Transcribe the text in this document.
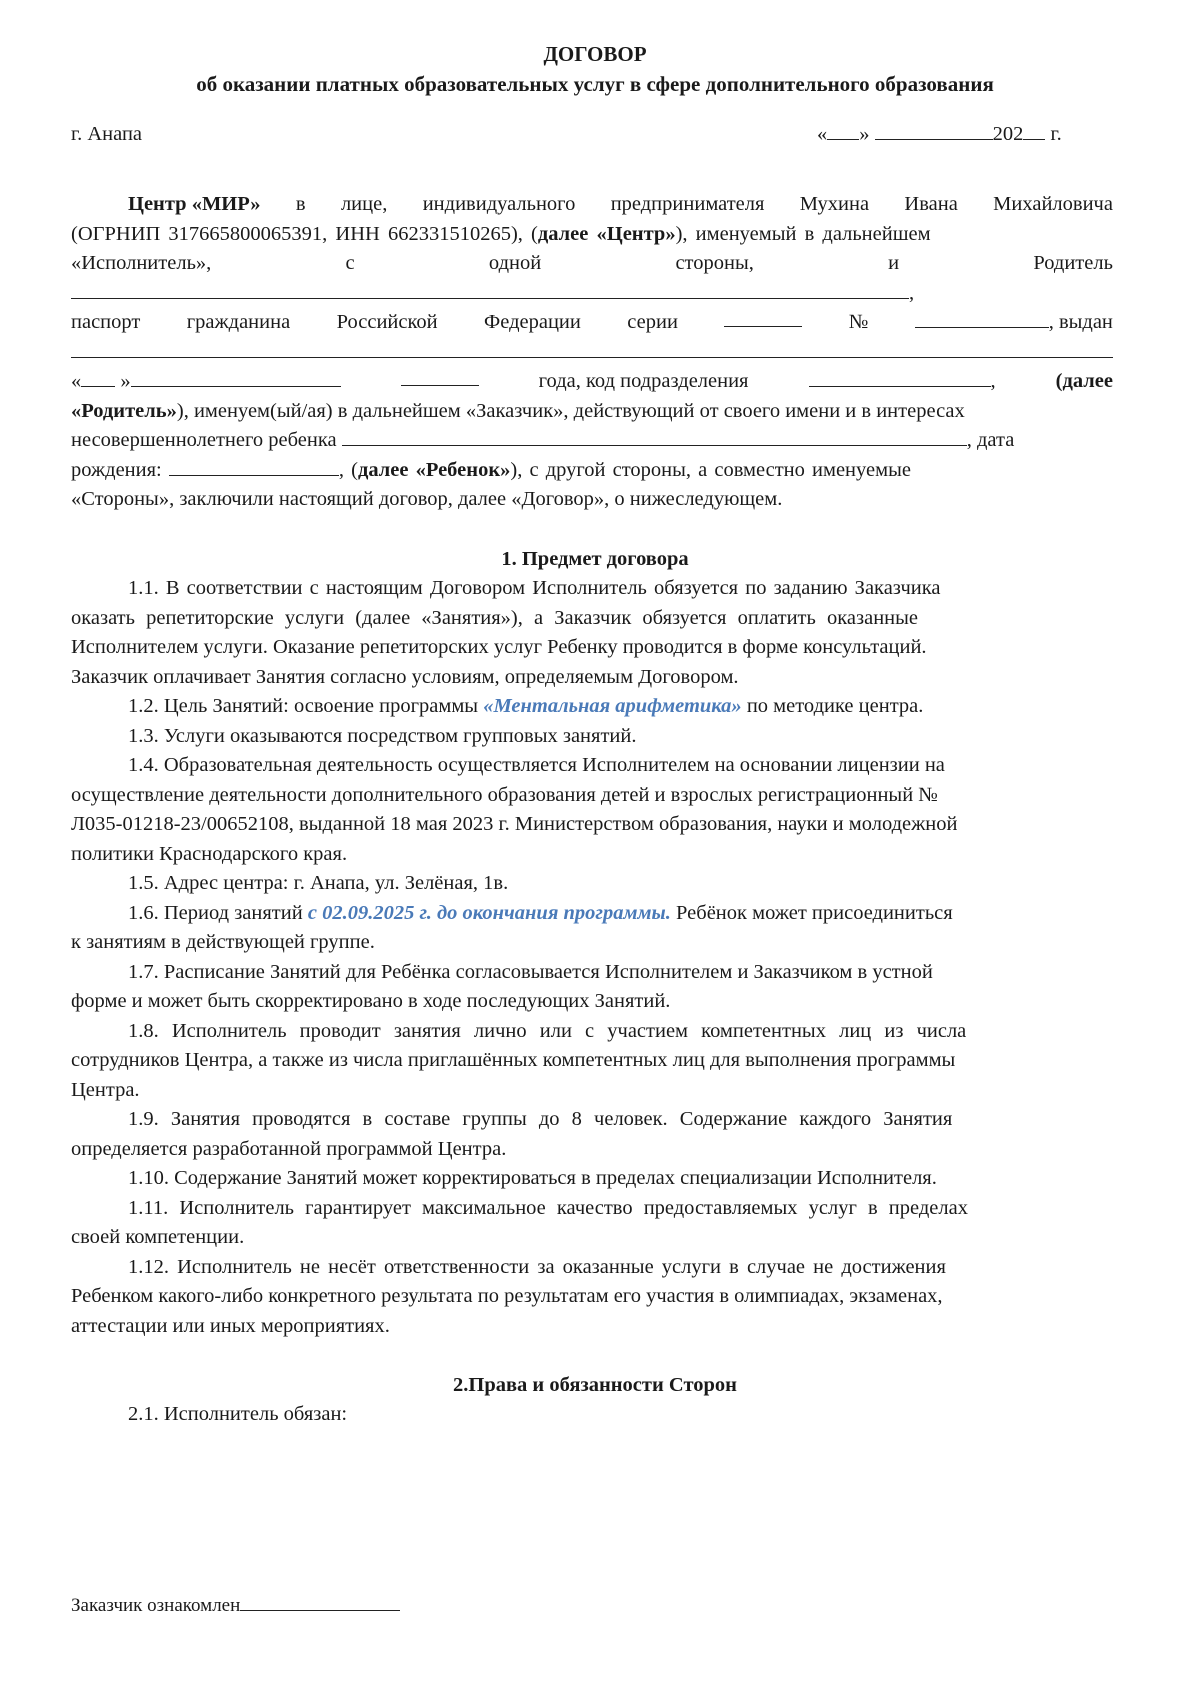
ДОГОВОР
об оказании платных образовательных услуг в сфере дополнительного образования
г. Анапа	« »	202 г.
Центр «МИР» в лице, индивидуального предпринимателя Мухина Ивана Михайловича
(ОГРНИП 317665800065391, ИНН 662331510265), (далее «Центр»), именуемый в дальнейшем
«Исполнитель»,	с	одной	стороны,	и	Родитель
,
паспорт гражданина Российской Федерации серии	№	, выдан
« »	года, код подразделения	,	(далее
«Родитель»), именуем(ый/ая) в дальнейшем «Заказчик», действующий от своего имени и в интересах
несовершеннолетнего ребенка	, дата
рождения:	, (далее «Ребенок»), с другой стороны, а совместно именуемые
«Стороны», заключили настоящий договор, далее «Договор», о нижеследующем.
1. Предмет договора
1.1. В соответствии с настоящим Договором Исполнитель обязуется по заданию Заказчика
оказать репетиторские услуги (далее «Занятия»), а Заказчик обязуется оплатить оказанные
Исполнителем услуги. Оказание репетиторских услуг Ребенку проводится в форме консультаций.
Заказчик оплачивает Занятия согласно условиям, определяемым Договором.
1.2. Цель Занятий: освоение программы «Ментальная арифметика» по методике центра.
1.3. Услуги оказываются посредством групповых занятий.
1.4. Образовательная деятельность осуществляется Исполнителем на основании лицензии на
осуществление деятельности дополнительного образования детей и взрослых регистрационный №
Л035-01218-23/00652108, выданной 18 мая 2023 г. Министерством образования, науки и молодежной
политики Краснодарского края.
1.5. Адрес центра: г. Анапа, ул. Зелёная, 1в.
1.6. Период занятий с 02.09.2025 г. до окончания программы. Ребёнок может присоединиться
к занятиям в действующей группе.
1.7. Расписание Занятий для Ребёнка согласовывается Исполнителем и Заказчиком в устной
форме и может быть скорректировано в ходе последующих Занятий.
1.8. Исполнитель проводит занятия лично или с участием компетентных лиц из числа
сотрудников Центра, а также из числа приглашённых компетентных лиц для выполнения программы
Центра.
1.9. Занятия проводятся в составе группы до 8 человек. Содержание каждого Занятия
определяется разработанной программой Центра.
1.10. Содержание Занятий может корректироваться в пределах специализации Исполнителя.
1.11. Исполнитель гарантирует максимальное качество предоставляемых услуг в пределах
своей компетенции.
1.12. Исполнитель не несёт ответственности за оказанные услуги в случае не достижения
Ребенком какого-либо конкретного результата по результатам его участия в олимпиадах, экзаменах,
аттестации или иных мероприятиях.
2.Права и обязанности Сторон
2.1. Исполнитель обязан:
Заказчик ознакомлен
